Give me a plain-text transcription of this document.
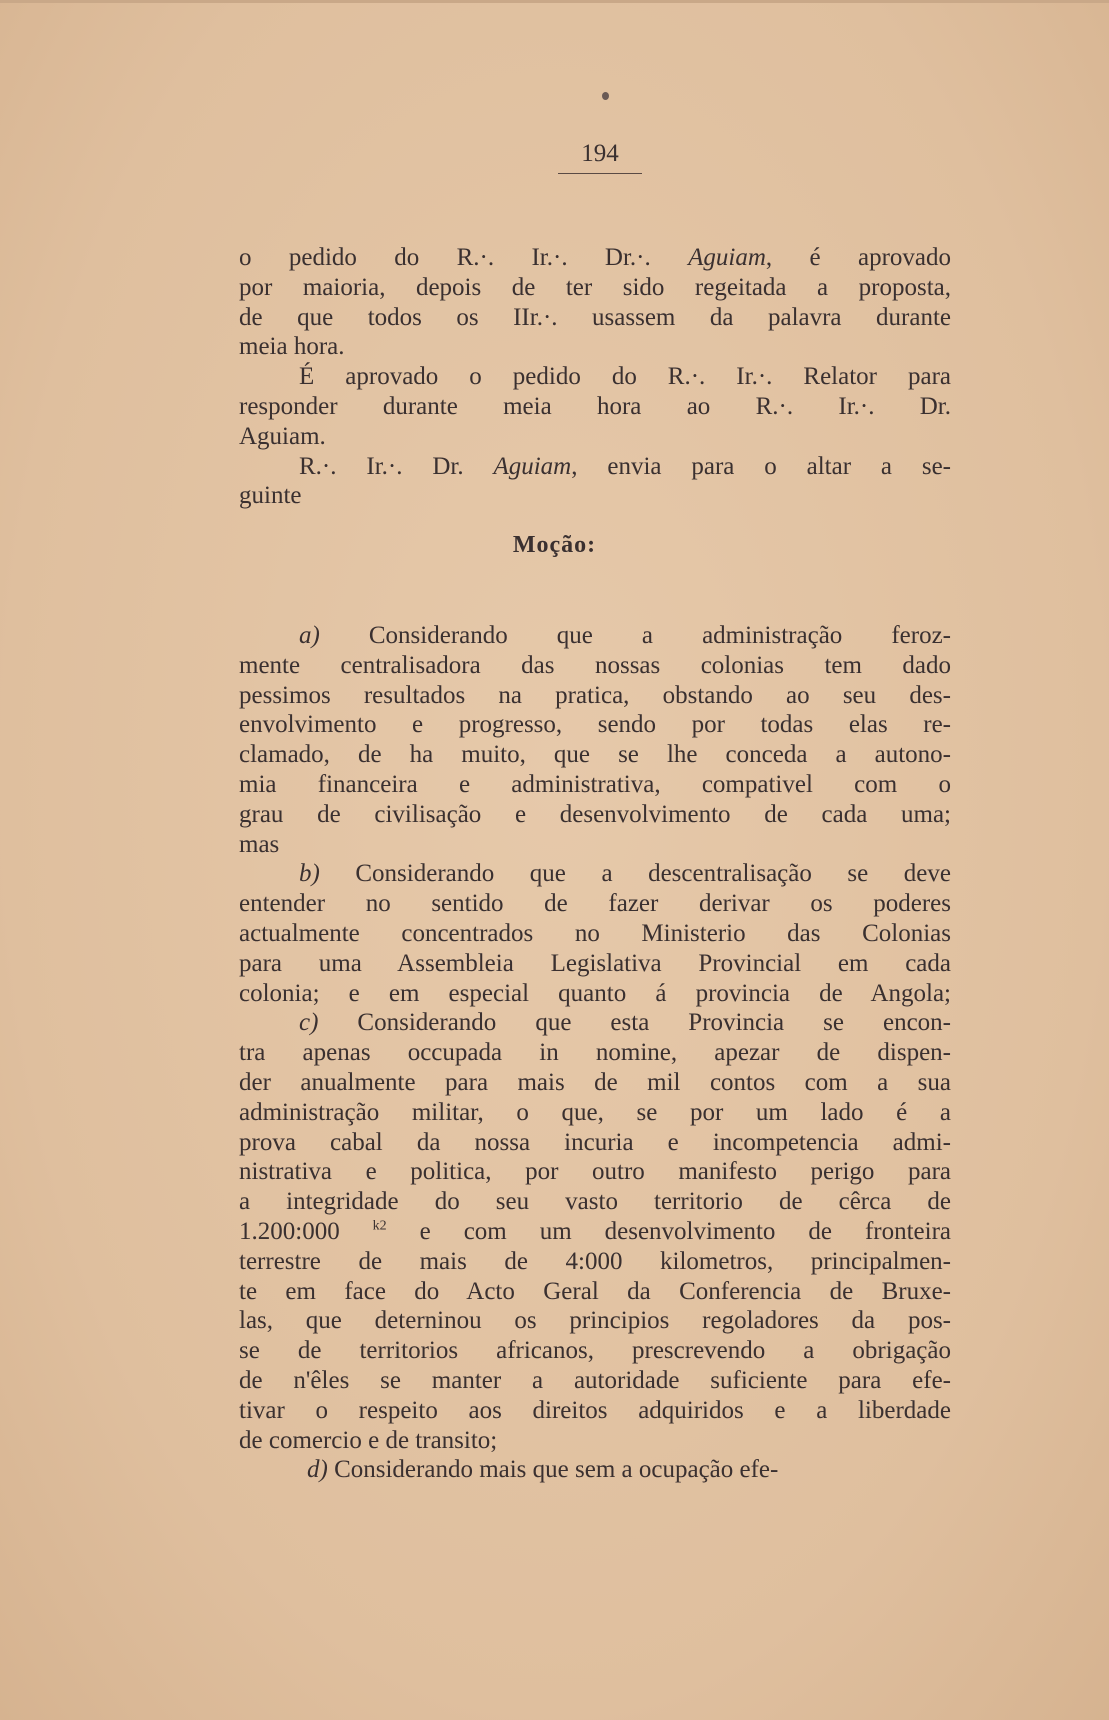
194
o pedido do R.·. Ir.·. Dr.·. Aguiam, é aprovado
por maioria, depois de ter sido regeitada a proposta,
de que todos os IIr.·. usassem da palavra durante
meia hora.
É aprovado o pedido do R.·. Ir.·. Relator para
responder durante meia hora ao R.·. Ir.·. Dr.
Aguiam.
R.·. Ir.·. Dr. Aguiam, envia para o altar a se-
guinte
Moção:
a) Considerando que a administração feroz-
mente centralisadora das nossas colonias tem dado
pessimos resultados na pratica, obstando ao seu des-
envolvimento e progresso, sendo por todas elas re-
clamado, de ha muito, que se lhe conceda a autono-
mia financeira e administrativa, compativel com o
grau de civilisação e desenvolvimento de cada uma;
mas
b) Considerando que a descentralisação se deve
entender no sentido de fazer derivar os poderes
actualmente concentrados no Ministerio das Colonias
para uma Assembleia Legislativa Provincial em cada
colonia; e em especial quanto á provincia de Angola;
c) Considerando que esta Provincia se encon-
tra apenas occupada in nomine, apezar de dispen-
der anualmente para mais de mil contos com a sua
administração militar, o que, se por um lado é a
prova cabal da nossa incuria e incompetencia admi-
nistrativa e politica, por outro manifesto perigo para
a integridade do seu vasto territorio de cêrca de
1.200:000 $^{k2}$ e com um desenvolvimento de fronteira
terrestre de mais de 4:000 kilometros, principalmen-
te em face do Acto Geral da Conferencia de Bruxe-
las, que deterninou os principios regoladores da pos-
se de territorios africanos, prescrevendo a obrigação
de n'êles se manter a autoridade suficiente para efe-
tivar o respeito aos direitos adquiridos e a liberdade
de comercio e de transito;
d) Considerando mais que sem a ocupação efe-
